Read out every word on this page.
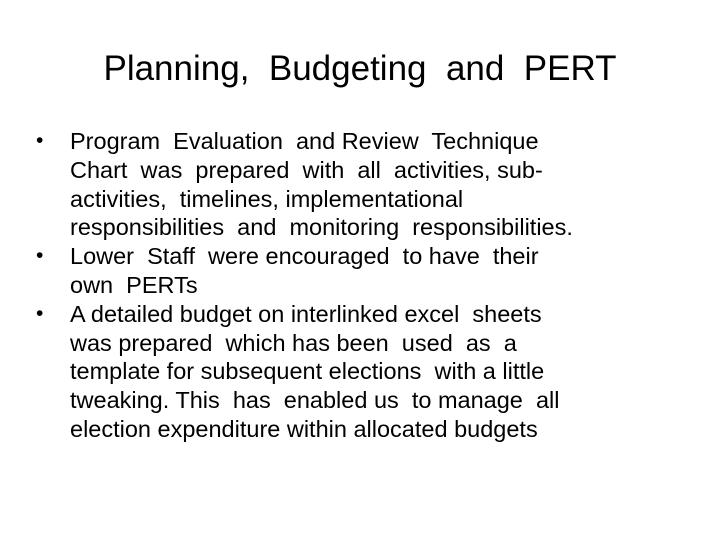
Planning,  Budgeting  and  PERT
•	Program  Evaluation  and Review  Technique
Chart  was  prepared  with  all  activities, sub-
activities,  timelines, implementational
responsibilities  and  monitoring  responsibilities.
•	Lower  Staff  were encouraged  to have  their
own  PERTs
•	A detailed budget on interlinked excel  sheets
was prepared  which has been  used  as  a
template for subsequent elections  with a little
tweaking. This  has  enabled us  to manage  all
election expenditure within allocated budgets
